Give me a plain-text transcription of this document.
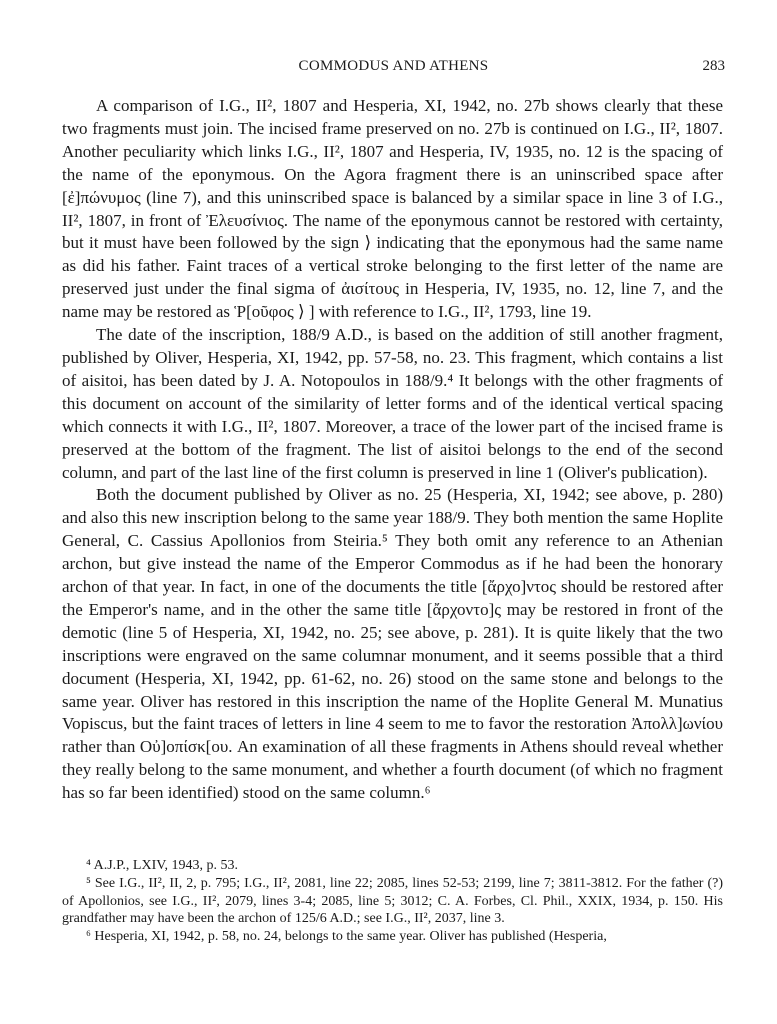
COMMODUS AND ATHENS	283

A comparison of I.G., II², 1807 and Hesperia, XI, 1942, no. 27b shows clearly that these two fragments must join. The incised frame preserved on no. 27b is continued on I.G., II², 1807. Another peculiarity which links I.G., II², 1807 and Hesperia, IV, 1935, no. 12 is the spacing of the name of the eponymous. On the Agora fragment there is an uninscribed space after [ἐ]πώνυμος (line 7), and this uninscribed space is balanced by a similar space in line 3 of I.G., II², 1807, in front of Ἐλευσίνιος. The name of the eponymous cannot be restored with certainty, but it must have been followed by the sign ⟩ indicating that the eponymous had the same name as did his father. Faint traces of a vertical stroke belonging to the first letter of the name are preserved just under the final sigma of ἀισίτους in Hesperia, IV, 1935, no. 12, line 7, and the name may be restored as Ῥ[οῦφος ⟩ ] with reference to I.G., II², 1793, line 19.

The date of the inscription, 188/9 A.D., is based on the addition of still another fragment, published by Oliver, Hesperia, XI, 1942, pp. 57-58, no. 23. This fragment, which contains a list of aisitoi, has been dated by J. A. Notopoulos in 188/9.⁴ It belongs with the other fragments of this document on account of the similarity of letter forms and of the identical vertical spacing which connects it with I.G., II², 1807. Moreover, a trace of the lower part of the incised frame is preserved at the bottom of the fragment. The list of aisitoi belongs to the end of the second column, and part of the last line of the first column is preserved in line 1 (Oliver's publication).

Both the document published by Oliver as no. 25 (Hesperia, XI, 1942; see above, p. 280) and also this new inscription belong to the same year 188/9. They both mention the same Hoplite General, C. Cassius Apollonios from Steiria.⁵ They both omit any reference to an Athenian archon, but give instead the name of the Emperor Commodus as if he had been the honorary archon of that year. In fact, in one of the documents the title [ἄρχο]ντος should be restored after the Emperor's name, and in the other the same title [ἄρχοντο]ς may be restored in front of the demotic (line 5 of Hesperia, XI, 1942, no. 25; see above, p. 281). It is quite likely that the two inscriptions were engraved on the same columnar monument, and it seems possible that a third document (Hesperia, XI, 1942, pp. 61-62, no. 26) stood on the same stone and belongs to the same year. Oliver has restored in this inscription the name of the Hoplite General M. Munatius Vopiscus, but the faint traces of letters in line 4 seem to me to favor the restoration Ἀπολλ]ωνίου rather than Οὐ]οπίσκ[ου. An examination of all these fragments in Athens should reveal whether they really belong to the same monument, and whether a fourth document (of which no fragment has so far been identified) stood on the same column.⁶

⁴ A.J.P., LXIV, 1943, p. 53.

⁵ See I.G., II², II, 2, p. 795; I.G., II², 2081, line 22; 2085, lines 52-53; 2199, line 7; 3811-3812. For the father (?) of Apollonios, see I.G., II², 2079, lines 3-4; 2085, line 5; 3012; C. A. Forbes, Cl. Phil., XXIX, 1934, p. 150. His grandfather may have been the archon of 125/6 A.D.; see I.G., II², 2037, line 3.

⁶ Hesperia, XI, 1942, p. 58, no. 24, belongs to the same year. Oliver has published (Hesperia,
